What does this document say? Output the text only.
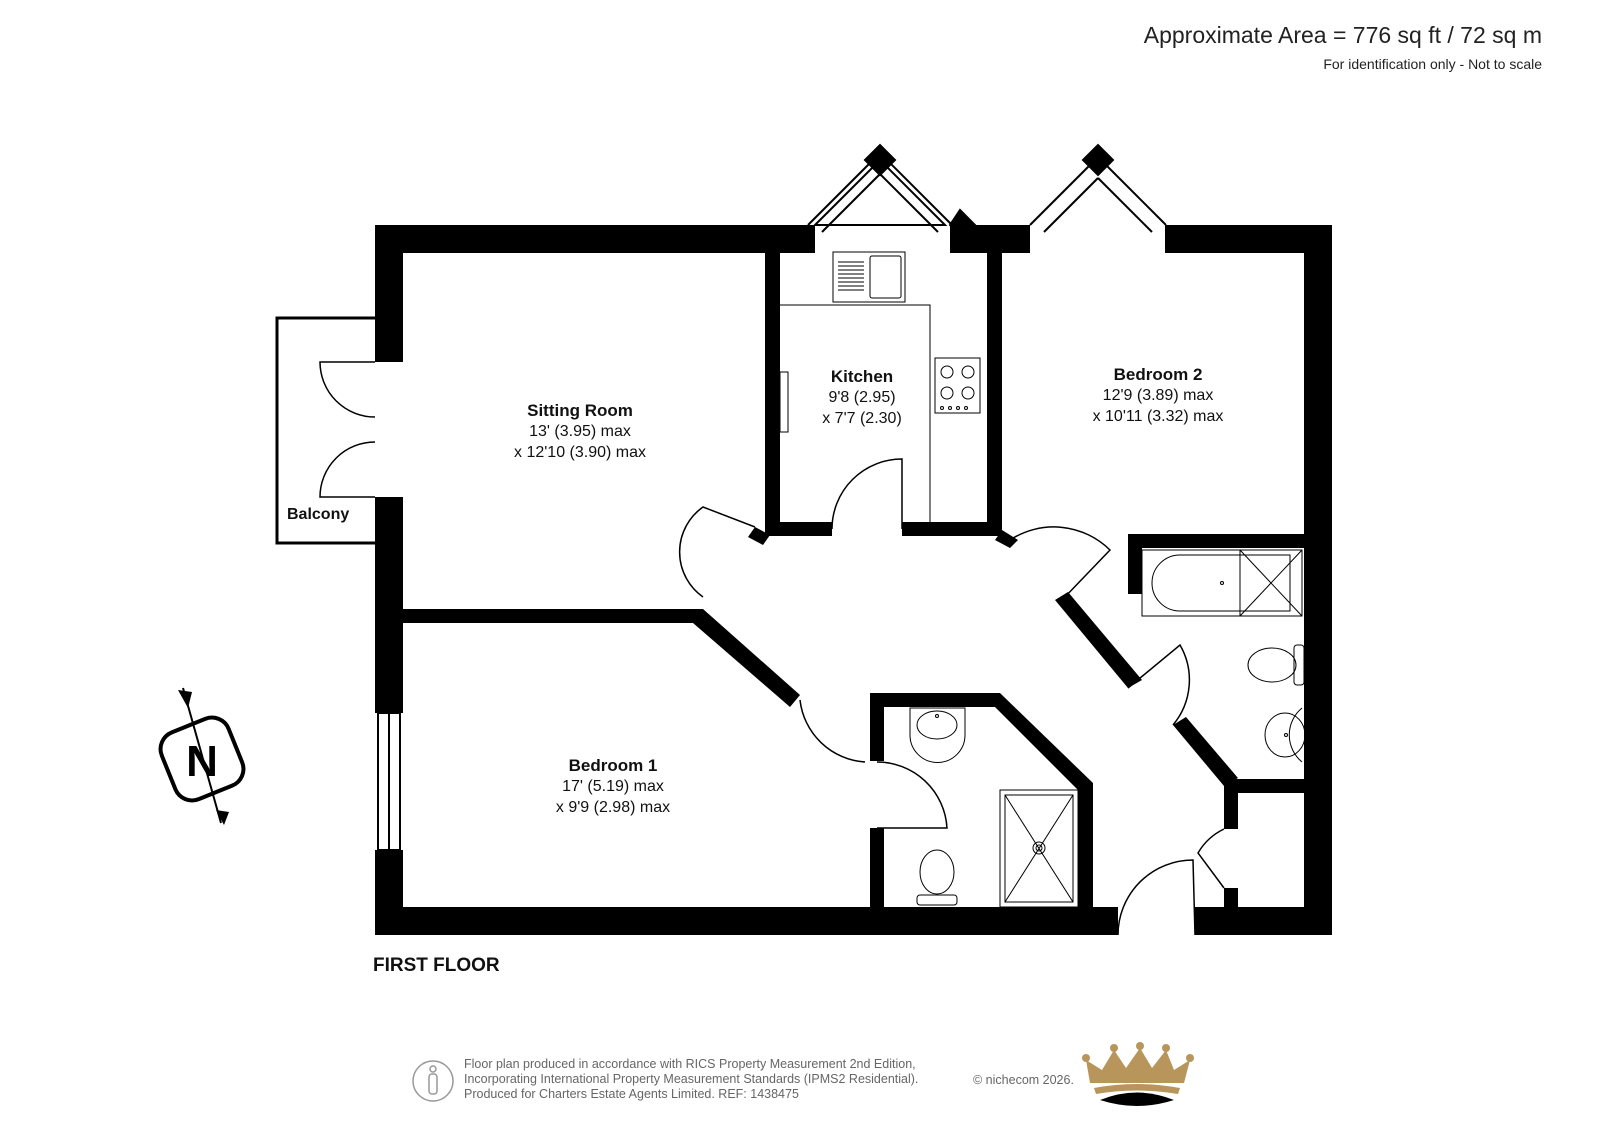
N
Approximate Area = 776 sq ft / 72 sq m
For identification only - Not to scale
Sitting Room
13' (3.95) max
x 12'10 (3.90) max
Kitchen
9'8 (2.95)
x 7'7 (2.30)
Bedroom 2
12'9 (3.89) max
x 10'11 (3.32) max
Bedroom 1
17' (5.19) max
x 9'9 (2.98) max
Balcony
FIRST FLOOR
Floor plan produced in accordance with RICS Property Measurement 2nd Edition,
Incorporating International Property Measurement Standards (IPMS2 Residential).
Produced for Charters Estate Agents Limited. REF: 1438475
© nichecom 2026.
